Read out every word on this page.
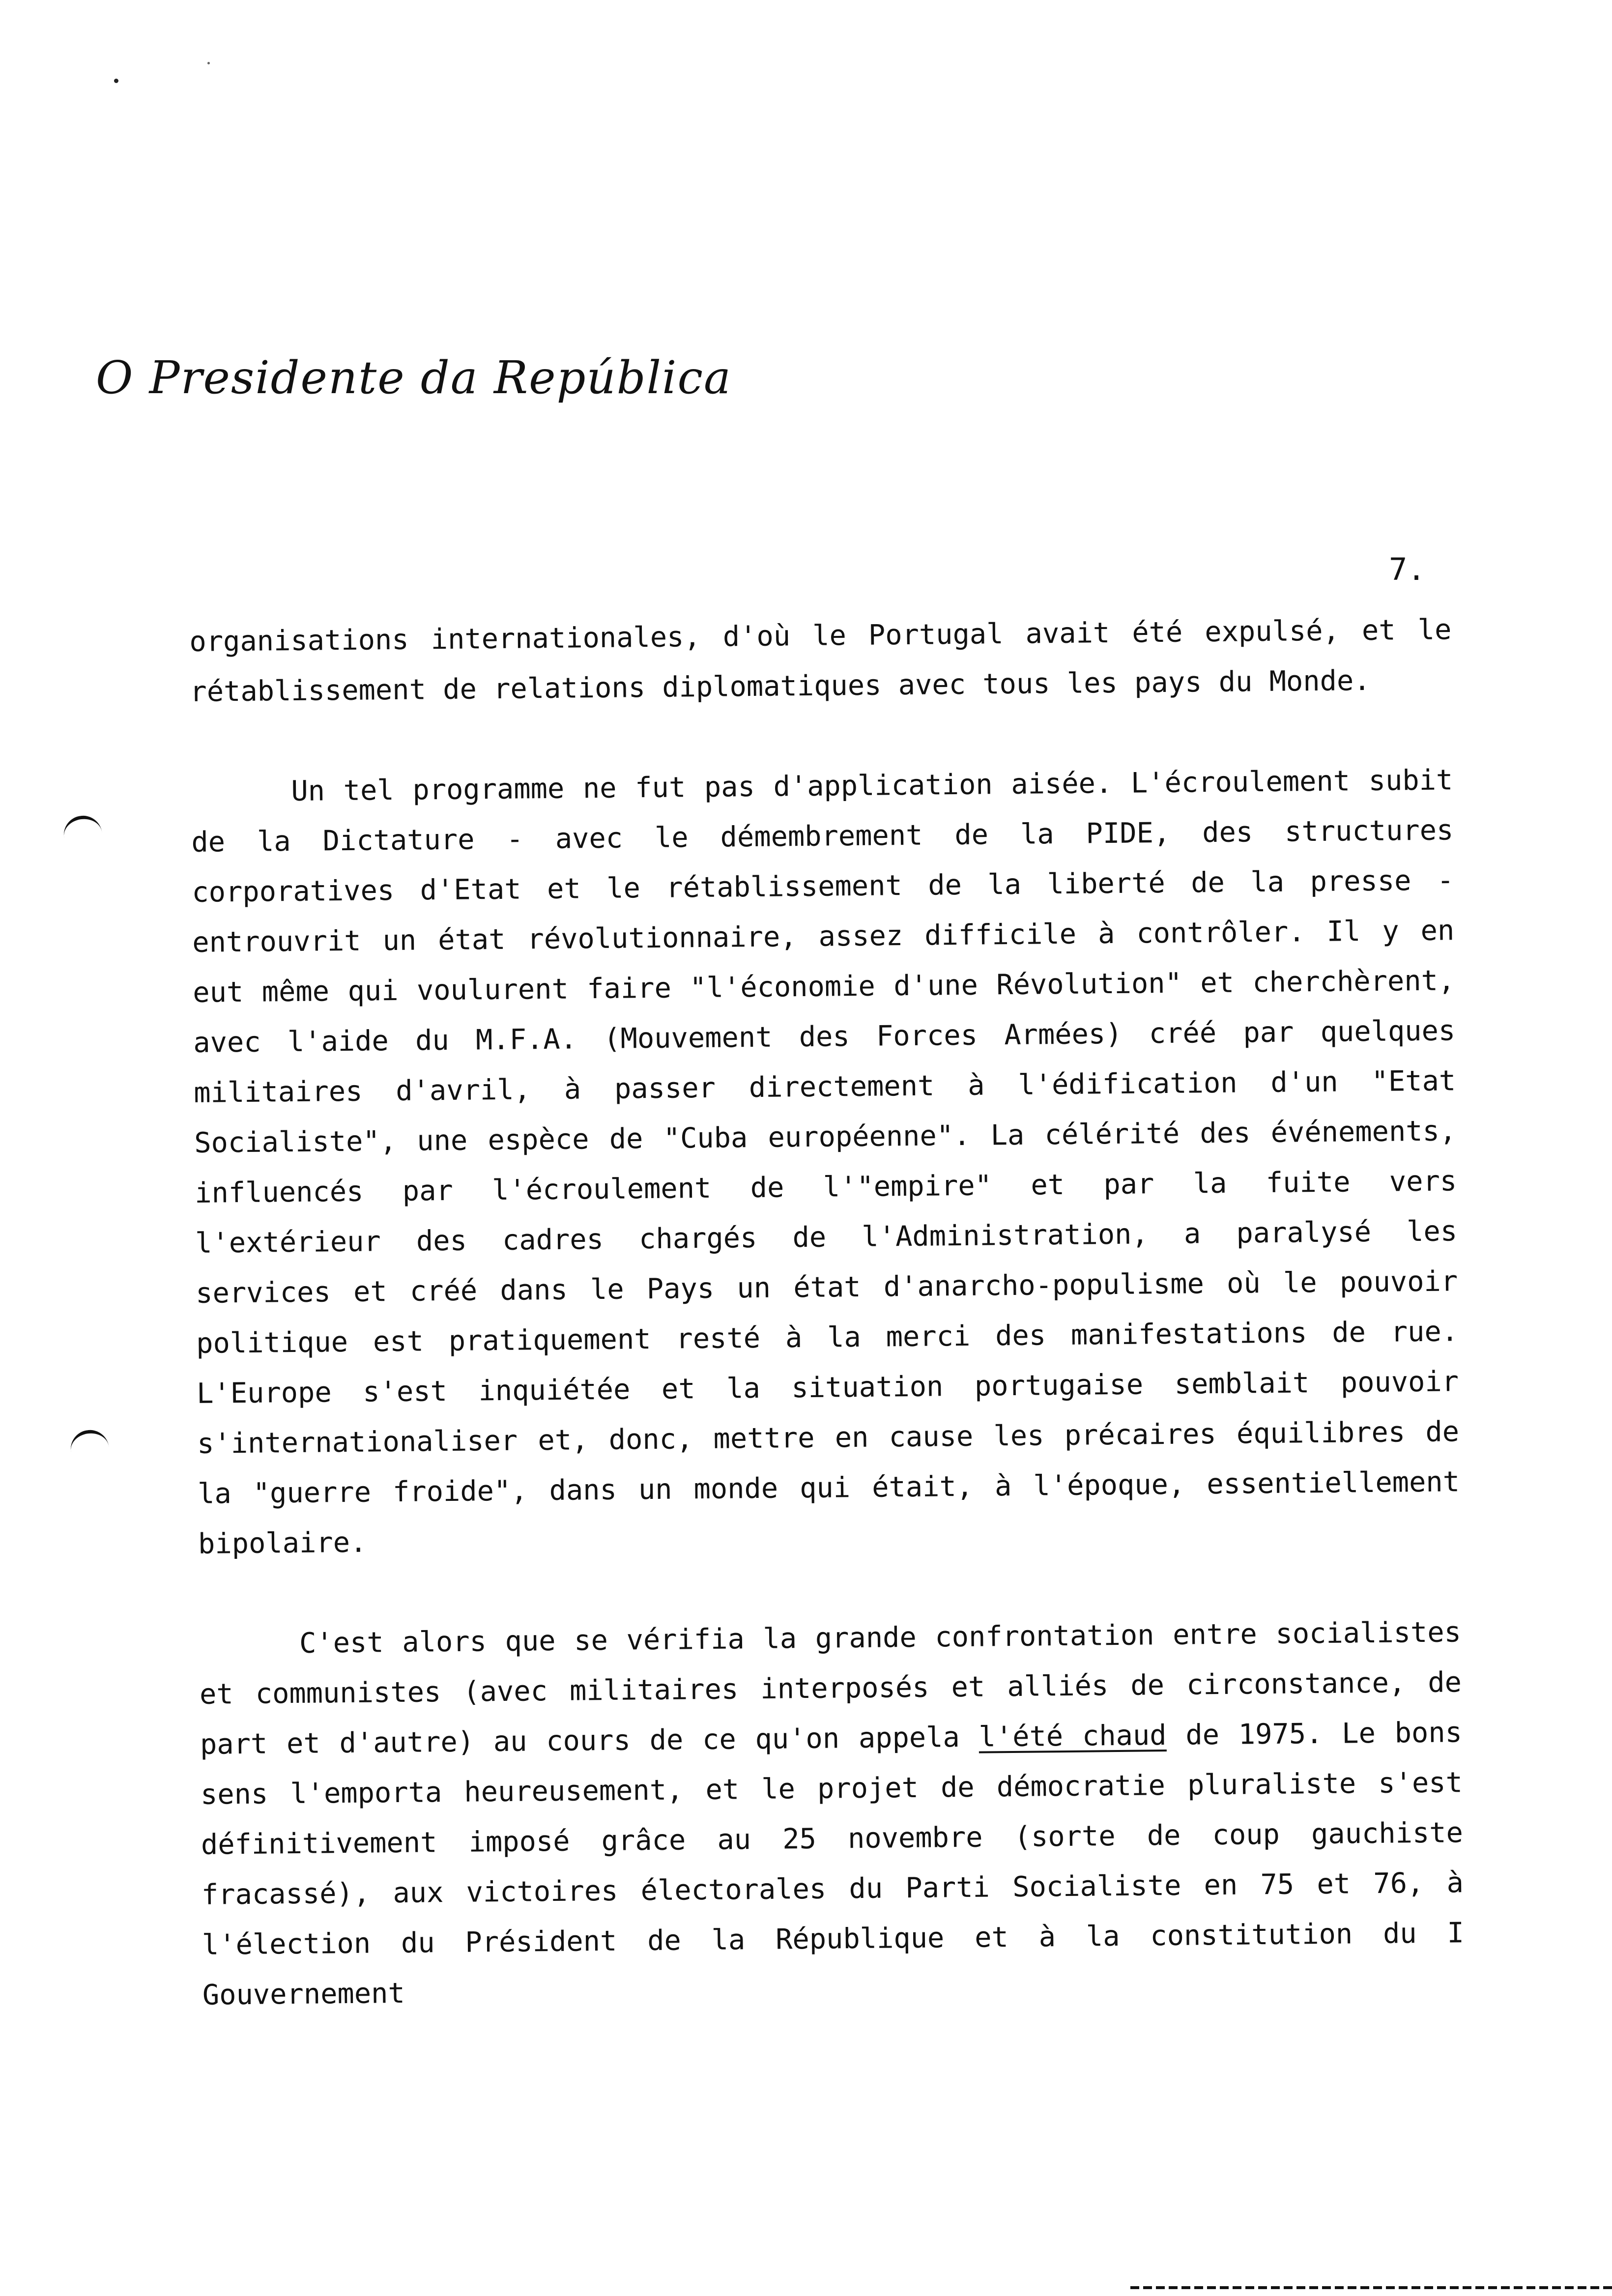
O Presidente da República
7.

organisations internationales, d'où le Portugal avait été expulsé, et le rétablissement de relations diplomatiques avec tous les pays du Monde.

Un tel programme ne fut pas d'application aisée. L'écroulement subit de la Dictature - avec le démembrement de la PIDE, des structures corporatives d'Etat et le rétablissement de la liberté de la presse - entrouvrit un état révolutionnaire, assez difficile à contrôler. Il y en eut même qui voulurent faire "l'économie d'une Révolution" et cherchèrent, avec l'aide du M.F.A. (Mouvement des Forces Armées) créé par quelques militaires d'avril, à passer directement à l'édification d'un "Etat Socialiste", une espèce de "Cuba européenne". La célérité des événements, influencés par l'écroulement de l'"empire" et par la fuite vers l'extérieur des cadres chargés de l'Administration, a paralysé les services et créé dans le Pays un état d'anarcho-populisme où le pouvoir politique est pratiquement resté à la merci des manifestations de rue. L'Europe s'est inquiétée et la situation portugaise semblait pouvoir s'internationaliser et, donc, mettre en cause les précaires équilibres de la "guerre froide", dans un monde qui était, à l'époque, essentiellement bipolaire.

C'est alors que se vérifia la grande confrontation entre socialistes et communistes (avec militaires interposés et alliés de circonstance, de part et d'autre) au cours de ce qu'on appela l'été chaud de 1975. Le bons sens l'emporta heureusement, et le projet de démocratie pluraliste s'est définitivement imposé grâce au 25 novembre (sorte de coup gauchiste fracassé), aux victoires électorales du Parti Socialiste en 75 et 76, à l'élection du Président de la République et à la constitution du I Gouvernement
